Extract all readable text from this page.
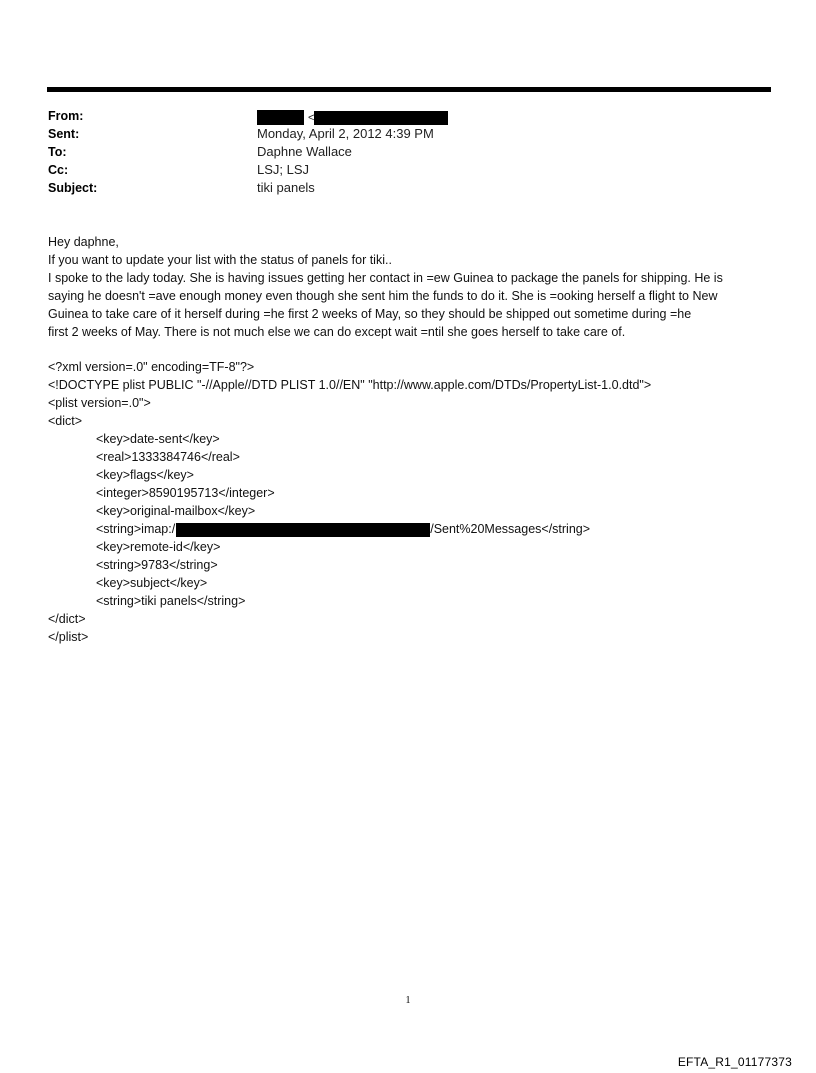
From:
Sent:
To:
Cc:
Subject:
<
Monday, April 2, 2012 4:39 PM
Daphne Wallace
LSJ; LSJ
tiki panels
Hey daphne,
If you want to update your list with the status of panels for tiki..
I spoke to the lady today. She is having issues getting her contact in =ew Guinea to package the panels for shipping. He is
saying he doesn't =ave enough money even though she sent him the funds to do it. She is =ooking herself a flight to New
Guinea to take care of it herself during =he first 2 weeks of May, so they should be shipped out sometime during =he
first 2 weeks of May. There is not much else we can do except wait =ntil she goes herself to take care of.
<?xml version=.0" encoding=TF-8"?>
<!DOCTYPE plist PUBLIC "-//Apple//DTD PLIST 1.0//EN" "http://www.apple.com/DTDs/PropertyList-1.0.dtd">
<plist version=.0">
<dict>
<key>date-sent</key>
<real>1333384746</real>
<key>flags</key>
<integer>8590195713</integer>
<key>original-mailbox</key>
<string>imap:/	/Sent%20Messages</string>
<key>remote-id</key>
<string>9783</string>
<key>subject</key>
<string>tiki panels</string>
</dict>
</plist>
1
EFTA_R1_01177373
